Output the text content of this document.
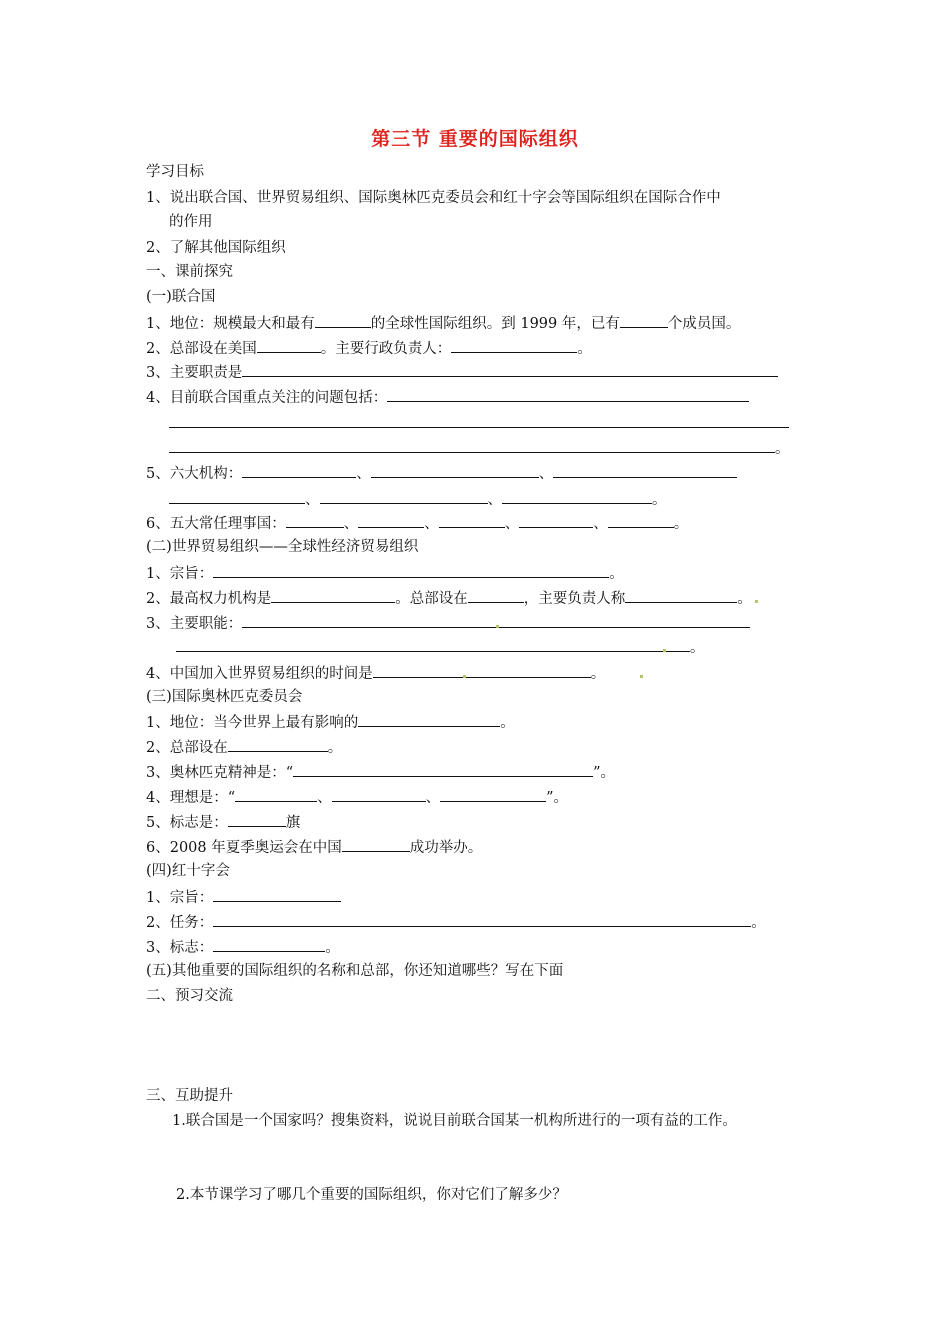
第三节 重要的国际组织
学习目标
1、说出联合国、世界贸易组织、国际奥林匹克委员会和红十字会等国际组织在国际合作中
的作用
2、了解其他国际组织
一、课前探究
(一)联合国
1、地位：规模最大和最有	的全球性国际组织。到 1999 年，已有	个成员国。
2、总部设在美国	。主要行政负责人：	。
3、主要职责是
4、目前联合国重点关注的问题包括：
。
5、六大机构：	、	、
、	、	。
6、五大常任理事国：	、	、	、	、	。
(二)世界贸易组织——全球性经济贸易组织
1、宗旨：	。
2、最高权力机构是	。总部设在	，主要负责人称	。
3、主要职能：
。
4、中国加入世界贸易组织的时间是	。
(三)国际奥林匹克委员会
1、地位：当今世界上最有影响的	。
2、总部设在	。
3、奥林匹克精神是：“	”。
4、理想是：“	、	、	”。
5、标志是：	旗
6、2008 年夏季奥运会在中国	成功举办。
(四)红十字会
1、宗旨：
2、任务：	。
3、标志：	。
(五)其他重要的国际组织的名称和总部，你还知道哪些？写在下面
二、预习交流
三、互助提升
1.联合国是一个国家吗？搜集资料，说说目前联合国某一机构所进行的一项有益的工作。
2.本节课学习了哪几个重要的国际组织，你对它们了解多少？
